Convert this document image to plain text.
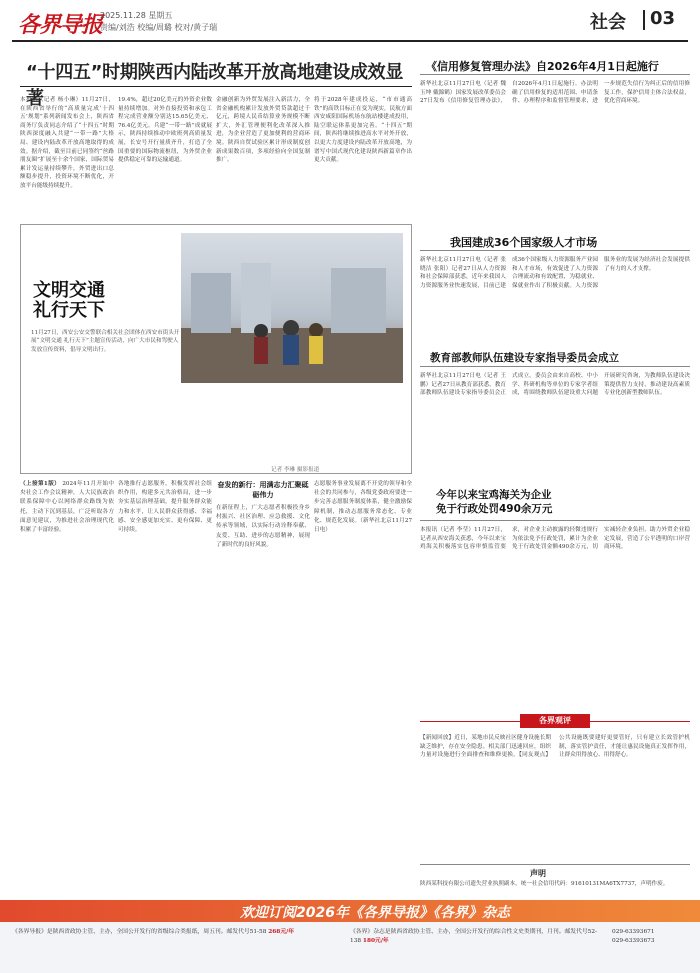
各界导报
2025.11.28 星期五
责编/刘浩 校编/周璐 校对/黄子瑞	社会 03
“十四五”时期陕西内陆改革开放高地建设成效显著
本报讯（记者 杨小琳）11月27日，在陕西省举行的“高质量完成‘十四五’规划”系列新闻发布会上，陕西省商务厅负责同志介绍了“十四五”时期陕西深度融入共建“一带一路”大格局、建设内陆改革开放高地取得的成效。据介绍，截至目前已同签约“丝路朋友圈”扩展至十余个国家，国际贸易累计发运量持续攀升，外贸进出口总额稳步提升，投资环境不断优化，开放平台能级持续提升。
19.4%，超过20亿美元的外资企业数量持续增加。对外直接投资和承包工程完成营业额分别达15.65亿美元、76.4亿美元。兵建“一带一路”成就展示，陕西持续推动中欧班列高质量发展，长安号开行量质齐升，打造了全国重要的国际物流枢纽，为外贸企业提供稳定可靠的运输通道。
金融创新为外贸发展注入新活力，全省金融机构累计发放外贸贷款超过千亿元，跨境人民币结算业务规模不断扩大，外汇管理便利化改革深入推进，为企业营造了更加便利的营商环境。陕西自贸试验区累计形成制度创新成果数百项，多项经验向全国复制推广。
将于2028年建成投运，“市市通高铁”的高铁目标正在变为现实，民航方面西安咸阳国际机场东航站楼建成投用，陆空联运体系更加完善。“十四五”期间，陕西将继续推进高水平对外开放，以更大力度建设内陆改革开放高地，为谱写中国式现代化建设陕西新篇章作出更大贡献。
文明交通
礼行天下
11月27日，西安公安交警联合相关社会团体在西安市街头开展“文明交通 礼行天下”主题宣传活动，向广大市民和驾驶人发放宣传资料，倡导文明出行。
记者 李琳 摄影报道
（上接第1版） 2024年11月开始中央社会工作会议精神，人大民族政治联系保障中心以网络群众路线为依托，主动下沉到基层，广泛听取各方面意见建议，为推进社会治理现代化积累了丰富经验。
各地推行志愿服务，积极发挥社会组织作用，构建多元共治格局，进一步夯实基层治理基础，提升服务群众能力和水平，让人民群众获得感、幸福感、安全感更加充实、更有保障、更可持续。
奋发的新行：用满志力汇聚砥砺伟力
在新征程上，广大志愿者积极投身乡村振兴、社区治理、应急救援、文化传承等领域，以实际行动诠释奉献、友爱、互助、进步的志愿精神，展现了新时代的良好风貌。
志愿服务事业发展离不开党的领导和全社会的共同参与，各级党委政府要进一步完善志愿服务制度体系，健全激励保障机制，推动志愿服务常态化、专业化、规范化发展。（新华社北京11月27日电）
《信用修复管理办法》自2026年4月1日起施行
新华社北京11月27日电（记者 魏玉坤 戴錦鹤）国家发展改革委员会27日发布《信用修复管理办法》，自2026年4月1日起施行。办法明确了信用修复的适用范围、申请条件、办理程序和监督管理要求，进一步规范失信行为纠正后的信用修复工作，保护信用主体合法权益，优化营商环境。
我国建成36个国家级人才市场
新华社北京11月27日电（记者 张晓洁 张阳）记者27日从人力资源和社会保障部获悉，近年来我国人力资源服务业快速发展，目前已建成36个国家级人力资源服务产业园和人才市场，有效促进了人力资源合理流动和有效配置，为稳就业、保就业作出了积极贡献。人力资源服务业的发展为经济社会发展提供了有力的人才支撑。
教育部教师队伍建设专家指导委员会成立
新华社北京11月27日电（记者 王鹏）记者27日从教育部获悉，教育部教师队伍建设专家指导委员会正式成立。委员会由来自高校、中小学、科研机构等单位的专家学者组成，将围绕教师队伍建设重大问题开展研究咨询，为教师队伍建设决策提供智力支持，推动建设高素质专业化创新型教师队伍。
今年以来宝鸡海关为企业
免于行政处罚490余万元
本报讯（记者 李莹）11月27日，记者从西安海关获悉，今年以来宝鸡海关积极落实包容审慎监管要求，对企业主动披露的轻微违规行为依法免予行政处罚，累计为企业免于行政处罚金额490余万元，切实减轻企业负担，助力外贸企业稳定发展，营造了公平透明的口岸营商环境。
各界观评
【新闻回放】近日，某地市民反映社区健身设施长期缺乏维护，存在安全隐患。相关部门迅速回应，组织力量对设施进行全面排查和维修更换。【同友观点】公共设施既要建好更要管好，只有建立长效管护机制，落实管护责任，才能让惠民设施真正发挥作用，让群众用得放心、用得舒心。
声明
陕西某科技有限公司遗失营业执照副本，统一社会信用代码：91610131MA6TX7737，声明作废。
欢迎订阅2026年《各界导报》《各界》杂志
《各界导报》是陕西省政协主管、主办，全国公开发行的省级综合类报纸，周五刊。邮发代号51-58 268元/年	《各界》杂志是陕西省政协主管、主办，全国公开发行的综合性文史类期刊，月刊。邮发代号52-138 180元/年
029-63393671
029-63393673
